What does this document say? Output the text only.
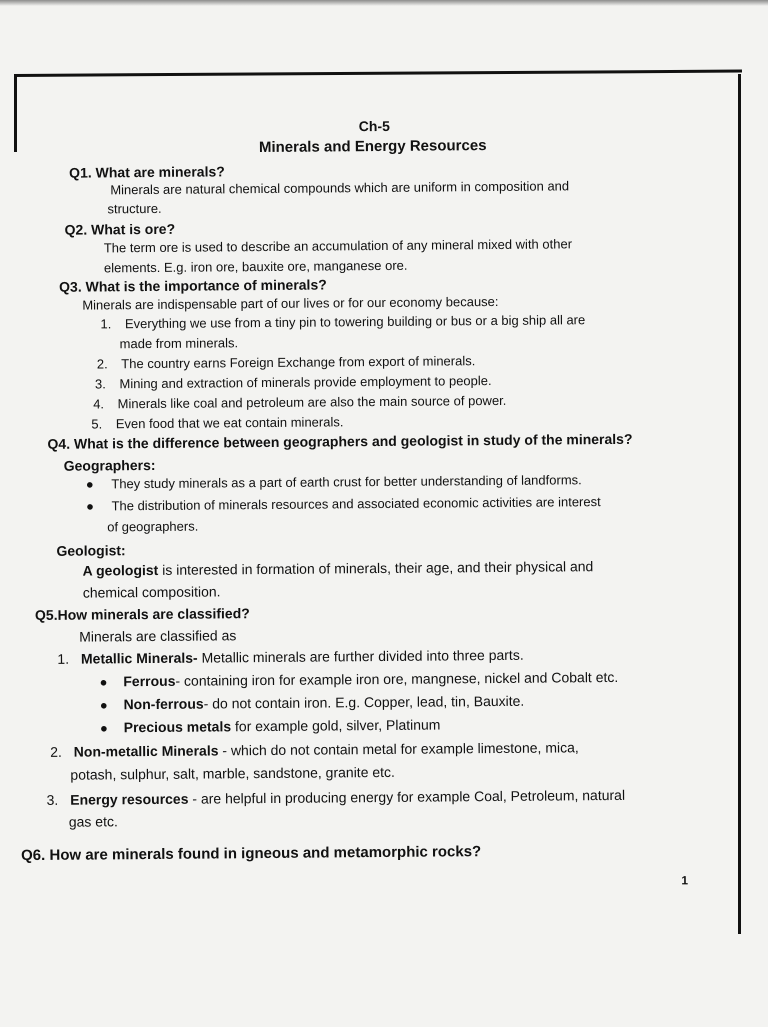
Ch-5
Minerals and Energy Resources
Q1. What are minerals?
Minerals are natural chemical compounds which are uniform in composition and
structure.
Q2. What is ore?
The term ore is used to describe an accumulation of any mineral mixed with other
elements. E.g. iron ore, bauxite ore, manganese ore.
Q3. What is the importance of minerals?
Minerals are indispensable part of our lives or for our economy because:
1. Everything we use from a tiny pin to towering building or bus or a big ship all are
made from minerals.
2. The country earns Foreign Exchange from export of minerals.
3. Mining and extraction of minerals provide employment to people.
4. Minerals like coal and petroleum are also the main source of power.
5. Even food that we eat contain minerals.
Q4. What is the difference between geographers and geologist in study of the minerals?
Geographers:
● They study minerals as a part of earth crust for better understanding of landforms.
● The distribution of minerals resources and associated economic activities are interest
of geographers.
Geologist:
A geologist is interested in formation of minerals, their age, and their physical and
chemical composition.
Q5.How minerals are classified?
Minerals are classified as
1. Metallic Minerals- Metallic minerals are further divided into three parts.
● Ferrous- containing iron for example iron ore, mangnese, nickel and Cobalt etc.
● Non-ferrous- do not contain iron. E.g. Copper, lead, tin, Bauxite.
● Precious metals for example gold, silver, Platinum
2. Non-metallic Minerals - which do not contain metal for example limestone, mica,
potash, sulphur, salt, marble, sandstone, granite etc.
3. Energy resources - are helpful in producing energy for example Coal, Petroleum, natural
gas etc.
Q6. How are minerals found in igneous and metamorphic rocks?
1
